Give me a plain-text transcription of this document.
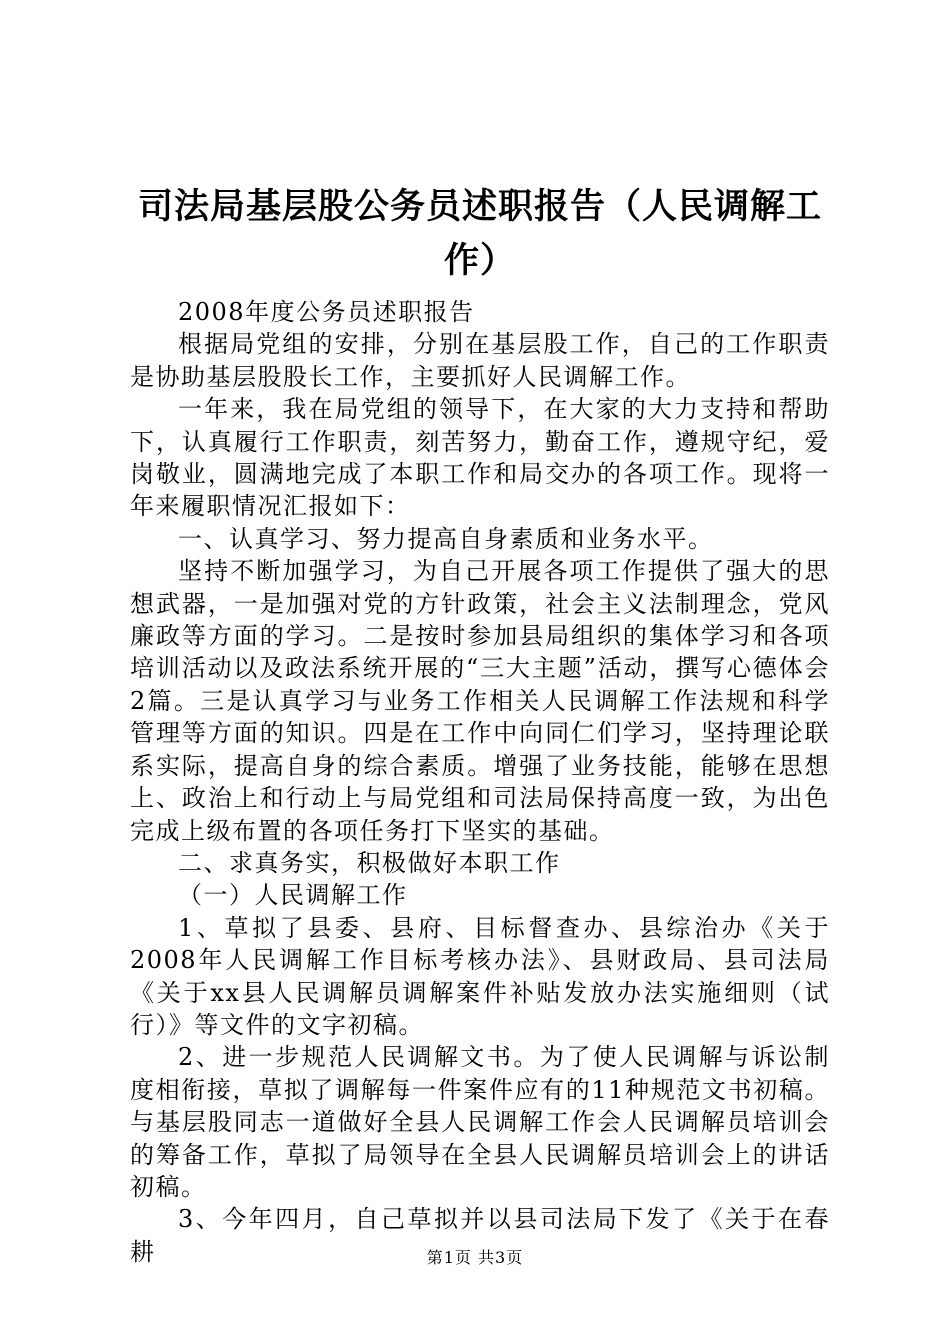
司法局基层股公务员述职报告（人民调解工作）

2008年度公务员述职报告

根据局党组的安排，分别在基层股工作，自己的工作职责是协助基层股股长工作，主要抓好人民调解工作。

一年来，我在局党组的领导下，在大家的大力支持和帮助下，认真履行工作职责，刻苦努力，勤奋工作，遵规守纪，爱岗敬业，圆满地完成了本职工作和局交办的各项工作。现将一年来履职情况汇报如下：

一、认真学习、努力提高自身素质和业务水平。

坚持不断加强学习，为自己开展各项工作提供了强大的思想武器，一是加强对党的方针政策，社会主义法制理念，党风廉政等方面的学习。二是按时参加县局组织的集体学习和各项培训活动以及政法系统开展的“三大主题”活动，撰写心德体会2篇。三是认真学习与业务工作相关人民调解工作法规和科学管理等方面的知识。四是在工作中向同仁们学习，坚持理论联系实际，提高自身的综合素质。增强了业务技能，能够在思想上、政治上和行动上与局党组和司法局保持高度一致，为出色完成上级布置的各项任务打下坚实的基础。

二、求真务实，积极做好本职工作

（一）人民调解工作

1、草拟了县委、县府、目标督查办、县综治办《关于2008年人民调解工作目标考核办法》、县财政局、县司法局《关于xx县人民调解员调解案件补贴发放办法实施细则（试行）》等文件的文字初稿。

2、进一步规范人民调解文书。为了使人民调解与诉讼制度相衔接，草拟了调解每一件案件应有的11种规范文书初稿。与基层股同志一道做好全县人民调解工作会人民调解员培训会的筹备工作，草拟了局领导在全县人民调解员培训会上的讲话初稿。

3、今年四月，自己草拟并以县司法局下发了《关于在春耕	第1页 共3页
